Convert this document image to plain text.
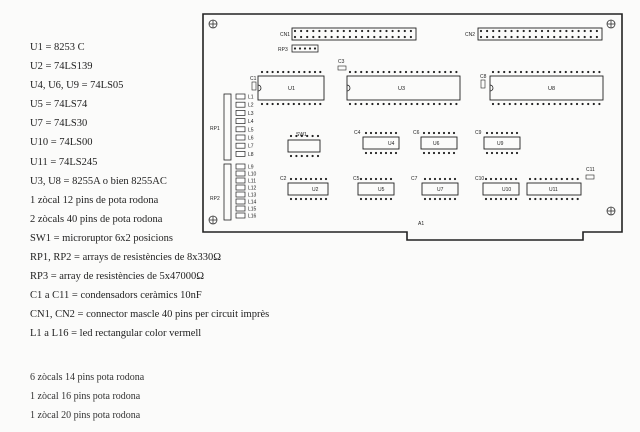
U1 = 8253 C
U2 = 74LS139
U4, U6, U9 = 74LS05
U5 = 74LS74
U7 = 74LS30
U10 = 74LS00
U11 = 74LS245
U3, U8 = 8255A o bien 8255AC
1 zòcal 12 pins de pota rodona
2 zòcals 40 pins de pota rodona
SW1 = microruptor 6x2 posicions
RP1, RP2 = arrays de resistències de 8x330Ω
RP3 = array de resistències de 5x47000Ω
C1 a C11 = condensadors ceràmics 10nF
CN1, CN2 = connector mascle 40 pins per circuit imprès
L1 a L16 = led rectangular color vermell
6 zòcals 14 pins pota rodona
1 zòcal 16 pins pota rodona
1 zòcal 20 pins pota rodona
CN1	CN2
RP3
U1	U3	U8
C1
C3
C8
L1
L2
L3
L4
L5
L6
L7
L8
RP1
L9
L10
L11
L12
L13
L14
L15
L16
RP2
SW1
U4
C4
U6
C6
U9
C9
U2
C2
U5
C5
U7
C7
U10
C10
U11
C11
A1
